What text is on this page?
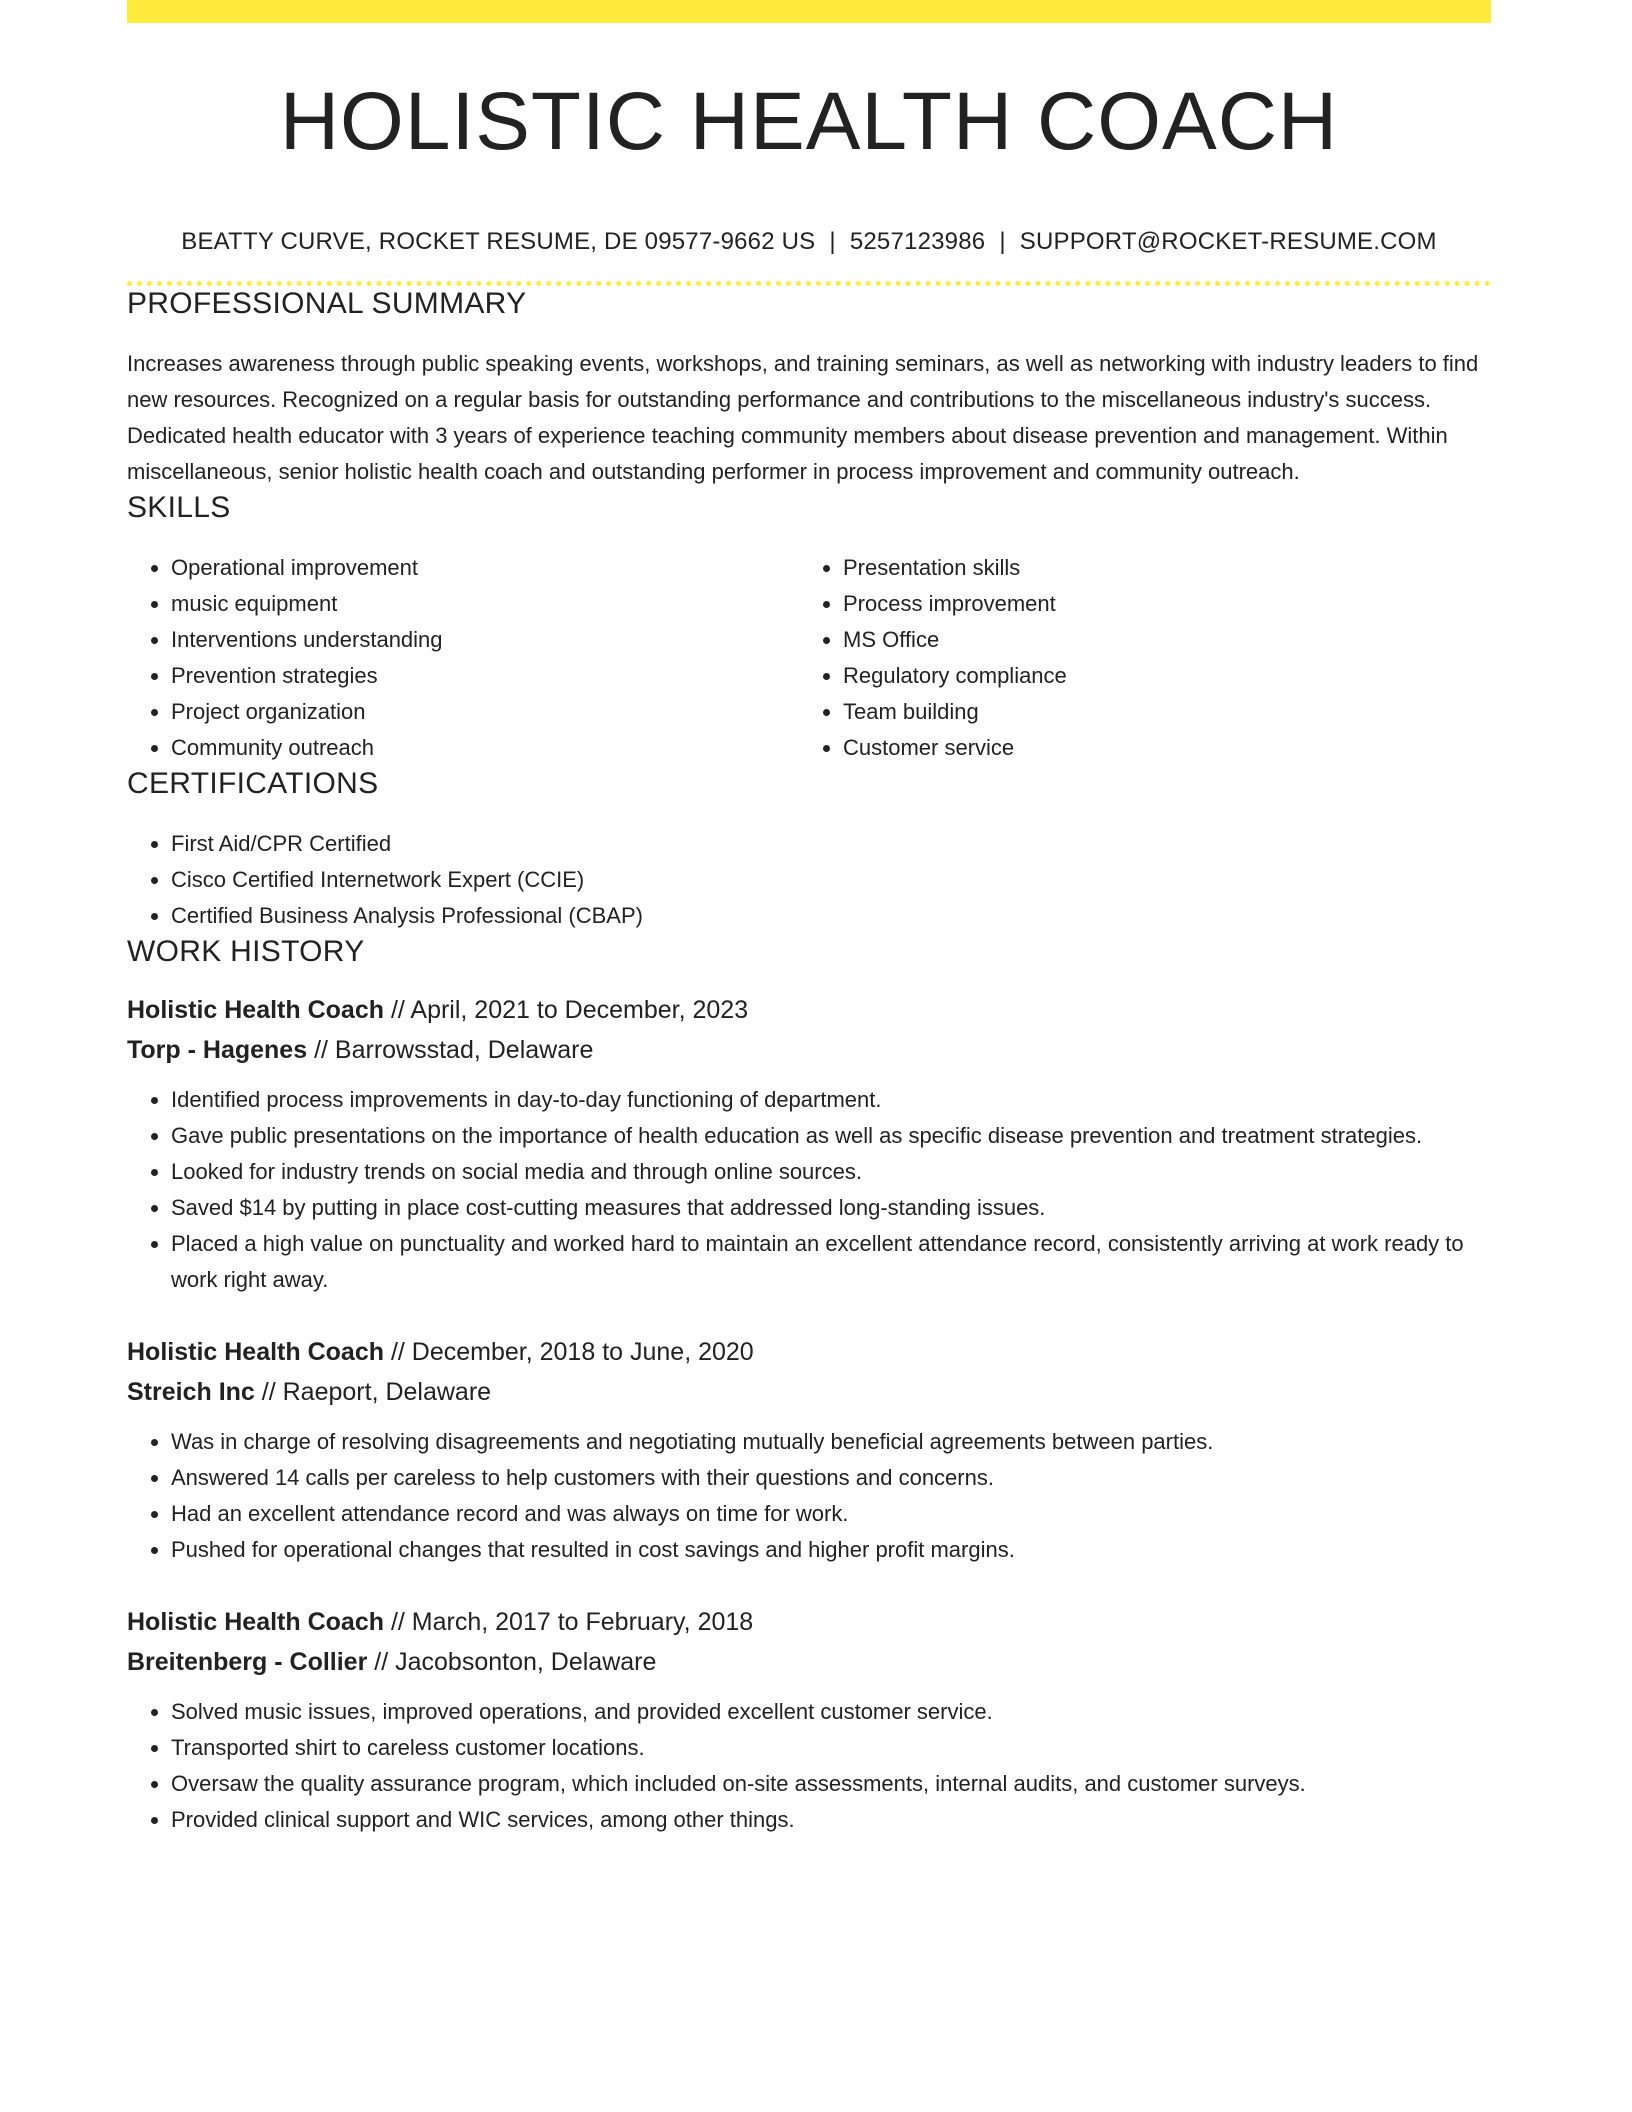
HOLISTIC HEALTH COACH
BEATTY CURVE, ROCKET RESUME, DE 09577-9662 US | 5257123986 | SUPPORT@ROCKET-RESUME.COM
PROFESSIONAL SUMMARY

Increases awareness through public speaking events, workshops, and training seminars, as well as networking with industry leaders to find new resources. Recognized on a regular basis for outstanding performance and contributions to the miscellaneous industry's success. Dedicated health educator with 3 years of experience teaching community members about disease prevention and management. Within miscellaneous, senior holistic health coach and outstanding performer in process improvement and community outreach.

SKILLS
• Operational improvement
• music equipment
• Interventions understanding
• Prevention strategies
• Project organization
• Community outreach
• Presentation skills
• Process improvement
• MS Office
• Regulatory compliance
• Team building
• Customer service
CERTIFICATIONS
• First Aid/CPR Certified
• Cisco Certified Internetwork Expert (CCIE)
• Certified Business Analysis Professional (CBAP)
WORK HISTORY
Holistic Health Coach // April, 2021 to December, 2023
Torp - Hagenes // Barrowsstad, Delaware
• Identified process improvements in day-to-day functioning of department.
• Gave public presentations on the importance of health education as well as specific disease prevention and treatment strategies.
• Looked for industry trends on social media and through online sources.
• Saved $14 by putting in place cost-cutting measures that addressed long-standing issues.
• Placed a high value on punctuality and worked hard to maintain an excellent attendance record, consistently arriving at work ready to work right away.
Holistic Health Coach // December, 2018 to June, 2020
Streich Inc // Raeport, Delaware
• Was in charge of resolving disagreements and negotiating mutually beneficial agreements between parties.
• Answered 14 calls per careless to help customers with their questions and concerns.
• Had an excellent attendance record and was always on time for work.
• Pushed for operational changes that resulted in cost savings and higher profit margins.
Holistic Health Coach // March, 2017 to February, 2018
Breitenberg - Collier // Jacobsonton, Delaware
• Solved music issues, improved operations, and provided excellent customer service.
• Transported shirt to careless customer locations.
• Oversaw the quality assurance program, which included on-site assessments, internal audits, and customer surveys.
• Provided clinical support and WIC services, among other things.
